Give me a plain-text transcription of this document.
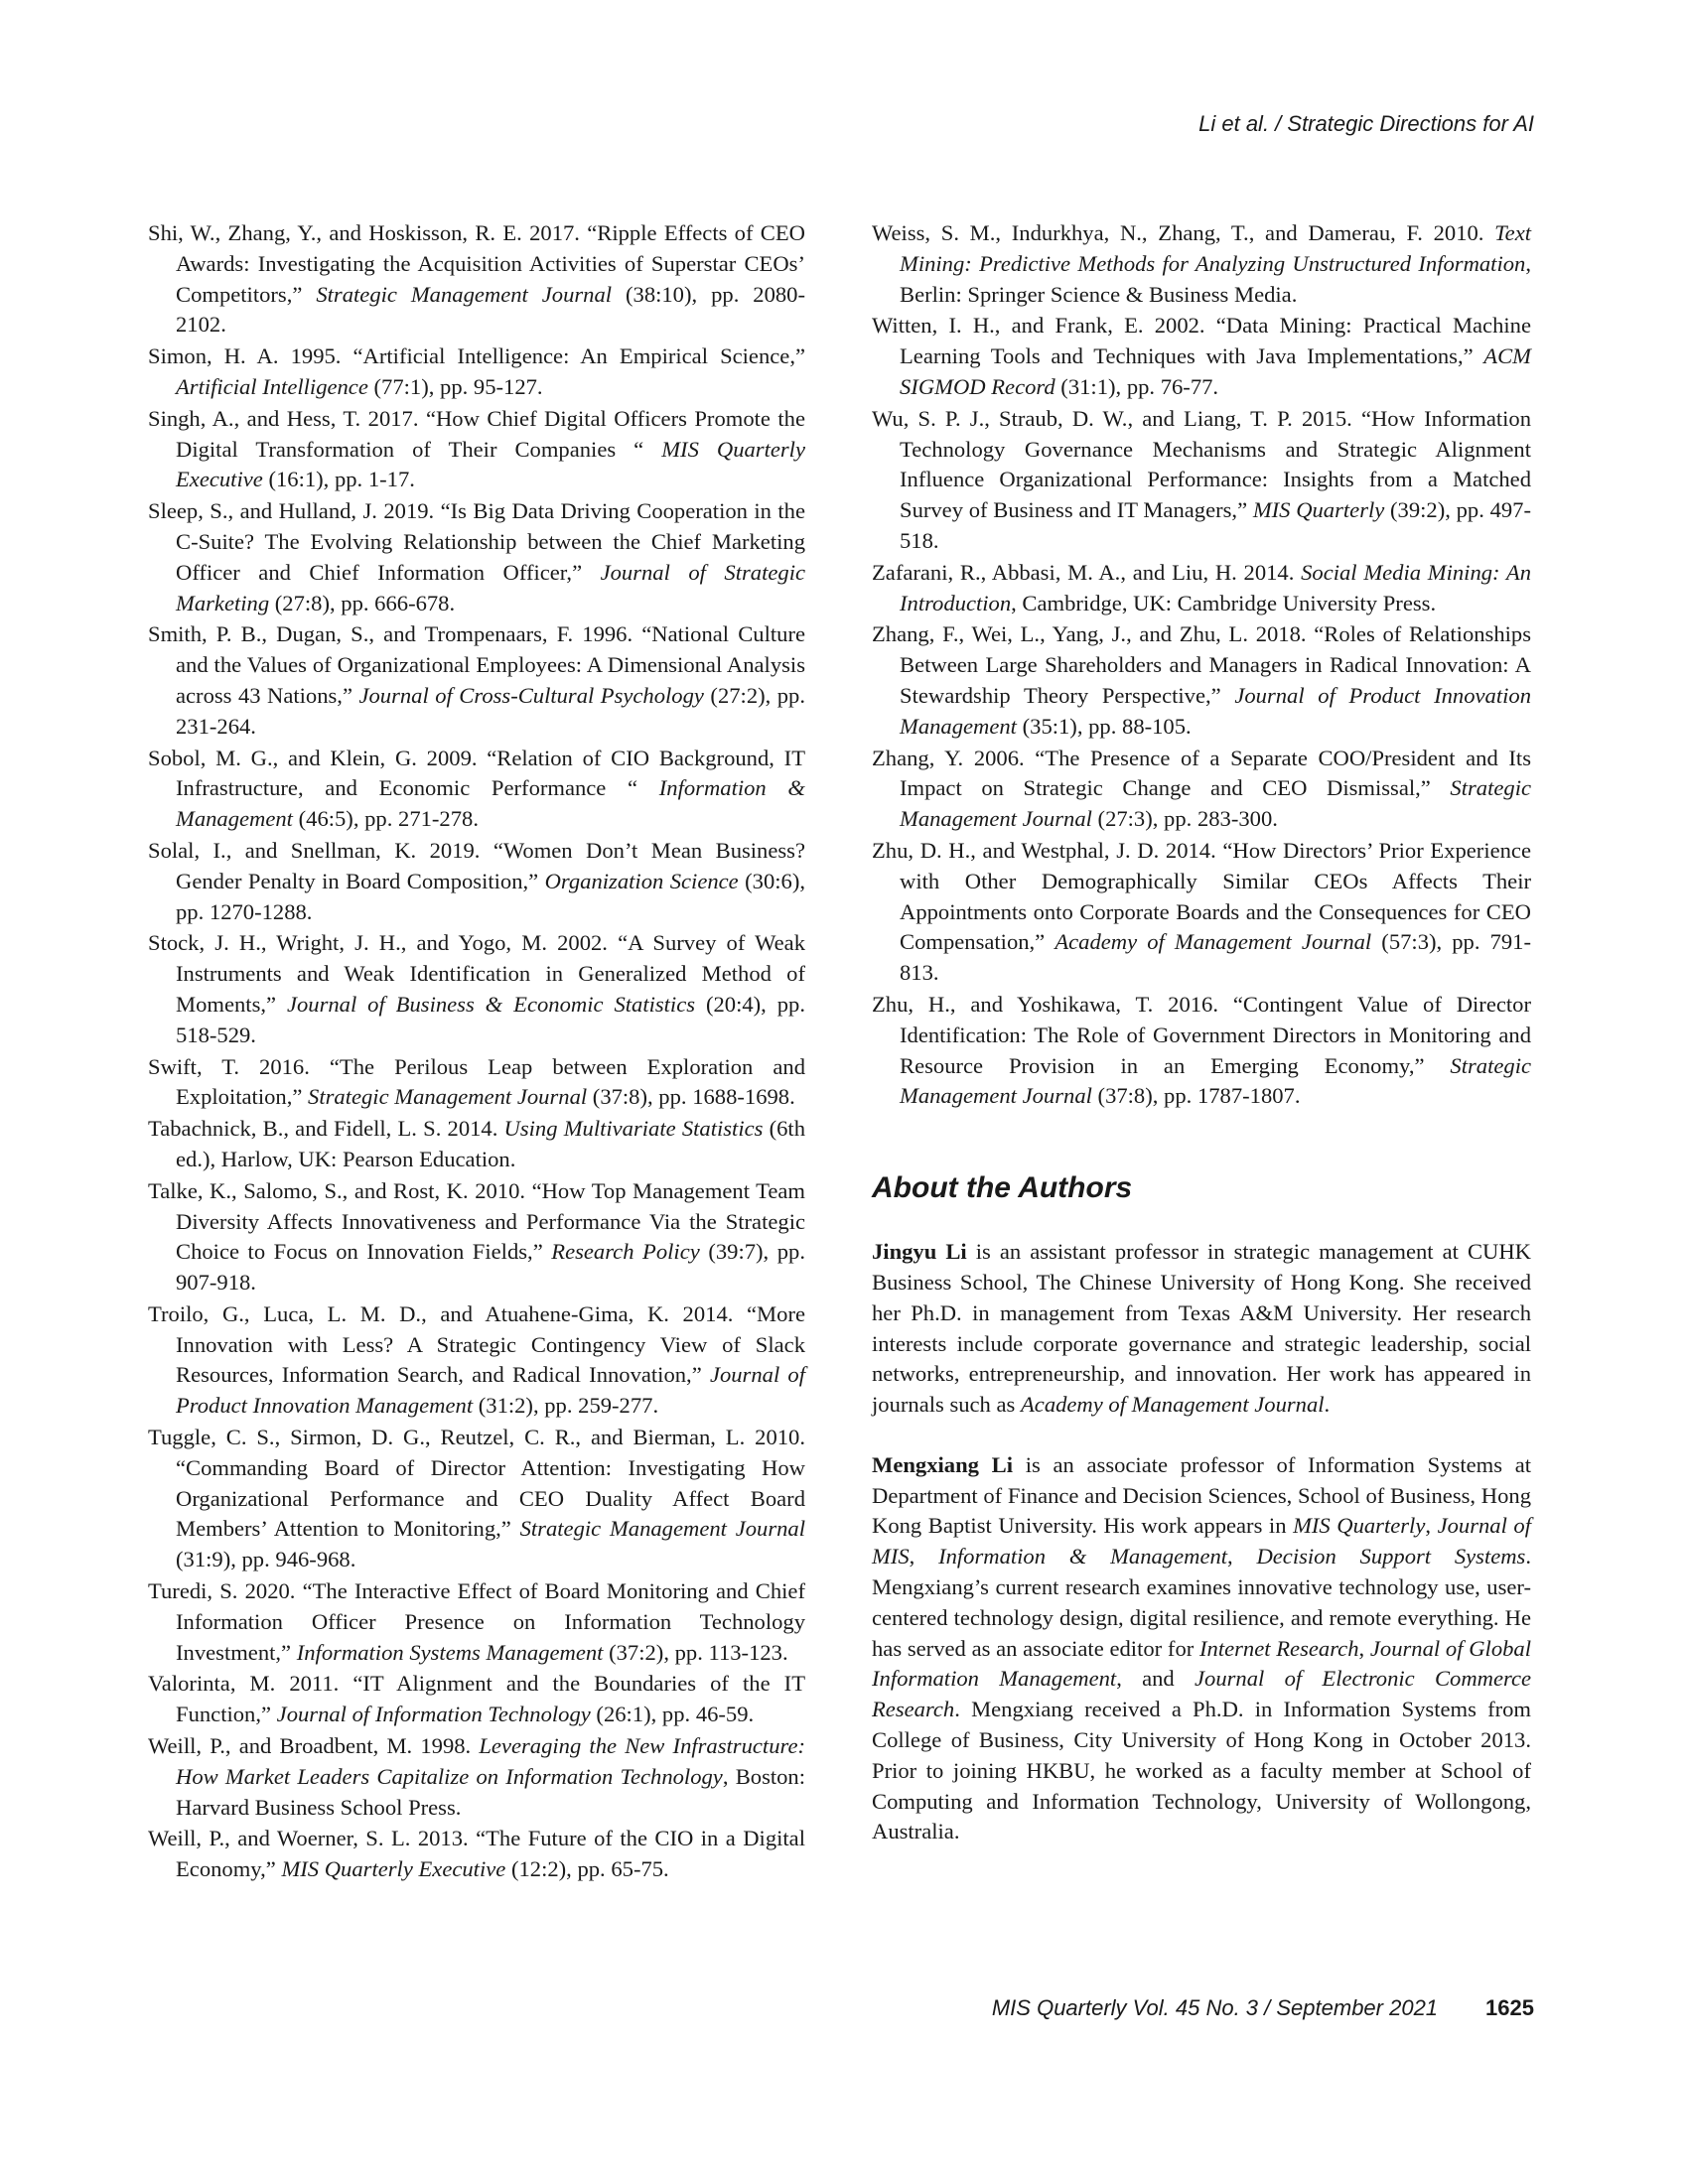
Li et al. / Strategic Directions for AI

Shi, W., Zhang, Y., and Hoskisson, R. E. 2017. “Ripple Effects of CEO Awards: Investigating the Acquisition Activities of Superstar CEOs’ Competitors,” Strategic Management Journal (38:10), pp. 2080-2102.

Simon, H. A. 1995. “Artificial Intelligence: An Empirical Science,” Artificial Intelligence (77:1), pp. 95-127.

Singh, A., and Hess, T. 2017. “How Chief Digital Officers Promote the Digital Transformation of Their Companies “ MIS Quarterly Executive (16:1), pp. 1-17.

Sleep, S., and Hulland, J. 2019. “Is Big Data Driving Cooperation in the C-Suite? The Evolving Relationship between the Chief Marketing Officer and Chief Information Officer,” Journal of Strategic Marketing (27:8), pp. 666-678.

Smith, P. B., Dugan, S., and Trompenaars, F. 1996. “National Culture and the Values of Organizational Employees: A Dimensional Analysis across 43 Nations,” Journal of Cross-Cultural Psychology (27:2), pp. 231-264.

Sobol, M. G., and Klein, G. 2009. “Relation of CIO Background, IT Infrastructure, and Economic Performance “ Information & Management (46:5), pp. 271-278.

Solal, I., and Snellman, K. 2019. “Women Don’t Mean Business? Gender Penalty in Board Composition,” Organization Science (30:6), pp. 1270-1288.

Stock, J. H., Wright, J. H., and Yogo, M. 2002. “A Survey of Weak Instruments and Weak Identification in Generalized Method of Moments,” Journal of Business & Economic Statistics (20:4), pp. 518-529.

Swift, T. 2016. “The Perilous Leap between Exploration and Exploitation,” Strategic Management Journal (37:8), pp. 1688-1698.

Tabachnick, B., and Fidell, L. S. 2014. Using Multivariate Statistics (6th ed.), Harlow, UK: Pearson Education.

Talke, K., Salomo, S., and Rost, K. 2010. “How Top Management Team Diversity Affects Innovativeness and Performance Via the Strategic Choice to Focus on Innovation Fields,” Research Policy (39:7), pp. 907-918.

Troilo, G., Luca, L. M. D., and Atuahene-Gima, K. 2014. “More Innovation with Less? A Strategic Contingency View of Slack Resources, Information Search, and Radical Innovation,” Journal of Product Innovation Management (31:2), pp. 259-277.

Tuggle, C. S., Sirmon, D. G., Reutzel, C. R., and Bierman, L. 2010. “Commanding Board of Director Attention: Investigating How Organizational Performance and CEO Duality Affect Board Members’ Attention to Monitoring,” Strategic Management Journal (31:9), pp. 946-968.

Turedi, S. 2020. “The Interactive Effect of Board Monitoring and Chief Information Officer Presence on Information Technology Investment,” Information Systems Management (37:2), pp. 113-123.

Valorinta, M. 2011. “IT Alignment and the Boundaries of the IT Function,” Journal of Information Technology (26:1), pp. 46-59.

Weill, P., and Broadbent, M. 1998. Leveraging the New Infrastructure: How Market Leaders Capitalize on Information Technology, Boston: Harvard Business School Press.

Weill, P., and Woerner, S. L. 2013. “The Future of the CIO in a Digital Economy,” MIS Quarterly Executive (12:2), pp. 65-75.

Weiss, S. M., Indurkhya, N., Zhang, T., and Damerau, F. 2010. Text Mining: Predictive Methods for Analyzing Unstructured Information, Berlin: Springer Science & Business Media.

Witten, I. H., and Frank, E. 2002. “Data Mining: Practical Machine Learning Tools and Techniques with Java Implementations,” ACM SIGMOD Record (31:1), pp. 76-77.

Wu, S. P. J., Straub, D. W., and Liang, T. P. 2015. “How Information Technology Governance Mechanisms and Strategic Alignment Influence Organizational Performance: Insights from a Matched Survey of Business and IT Managers,” MIS Quarterly (39:2), pp. 497-518.

Zafarani, R., Abbasi, M. A., and Liu, H. 2014. Social Media Mining: An Introduction, Cambridge, UK: Cambridge University Press.

Zhang, F., Wei, L., Yang, J., and Zhu, L. 2018. “Roles of Relationships Between Large Shareholders and Managers in Radical Innovation: A Stewardship Theory Perspective,” Journal of Product Innovation Management (35:1), pp. 88-105.

Zhang, Y. 2006. “The Presence of a Separate COO/President and Its Impact on Strategic Change and CEO Dismissal,” Strategic Management Journal (27:3), pp. 283-300.

Zhu, D. H., and Westphal, J. D. 2014. “How Directors’ Prior Experience with Other Demographically Similar CEOs Affects Their Appointments onto Corporate Boards and the Consequences for CEO Compensation,” Academy of Management Journal (57:3), pp. 791-813.

Zhu, H., and Yoshikawa, T. 2016. “Contingent Value of Director Identification: The Role of Government Directors in Monitoring and Resource Provision in an Emerging Economy,” Strategic Management Journal (37:8), pp. 1787-1807.

About the Authors

Jingyu Li is an assistant professor in strategic management at CUHK Business School, The Chinese University of Hong Kong. She received her Ph.D. in management from Texas A&M University. Her research interests include corporate governance and strategic leadership, social networks, entrepreneurship, and innovation. Her work has appeared in journals such as Academy of Management Journal.

Mengxiang Li is an associate professor of Information Systems at Department of Finance and Decision Sciences, School of Business, Hong Kong Baptist University. His work appears in MIS Quarterly, Journal of MIS, Information & Management, Decision Support Systems. Mengxiang’s current research examines innovative technology use, user-centered technology design, digital resilience, and remote everything. He has served as an associate editor for Internet Research, Journal of Global Information Management, and Journal of Electronic Commerce Research. Mengxiang received a Ph.D. in Information Systems from College of Business, City University of Hong Kong in October 2013. Prior to joining HKBU, he worked as a faculty member at School of Computing and Information Technology, University of Wollongong, Australia.

MIS Quarterly Vol. 45 No. 3 / September 2021 1625
